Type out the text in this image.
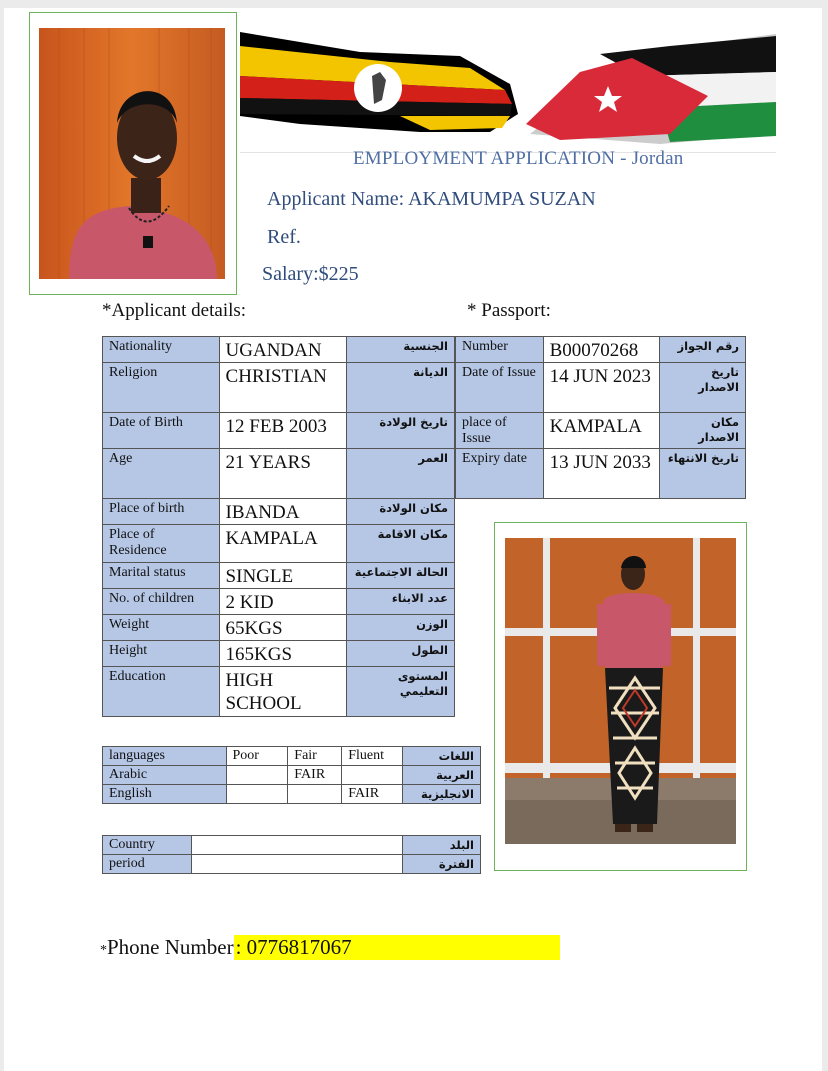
EMPLOYMENT APPLICATION - Jordan
Applicant Name: AKAMUMPA SUZAN
Ref.
Salary:$225
*Applicant details:	* Passport:
Nationality	UGANDAN	الجنسية
Religion	CHRISTIAN	الديانة
Date of Birth	12 FEB 2003	تاريخ الولادة
Age	21 YEARS	العمر
Place of birth	IBANDA	مكان الولادة
Place of Residence	KAMPALA	مكان الاقامة
Marital status	SINGLE	الحالة الاجتماعية
No. of children	2 KID	عدد الابناء
Weight	65KGS	الوزن
Height	165KGS	الطول
Education	HIGH SCHOOL	المستوى التعليمي
Number	B00070268	رقم الجواز
Date of Issue	14 JUN 2023	تاريخ الاصدار
place of Issue	KAMPALA	مكان الاصدار
Expiry date	13 JUN 2033	تاريخ الانتهاء
languages	Poor	Fair	Fluent	اللغات
Arabic		FAIR		العربية
English			FAIR	الانجليزية
Country		البلد
period		الفترة
*Phone Number: 0776817067
